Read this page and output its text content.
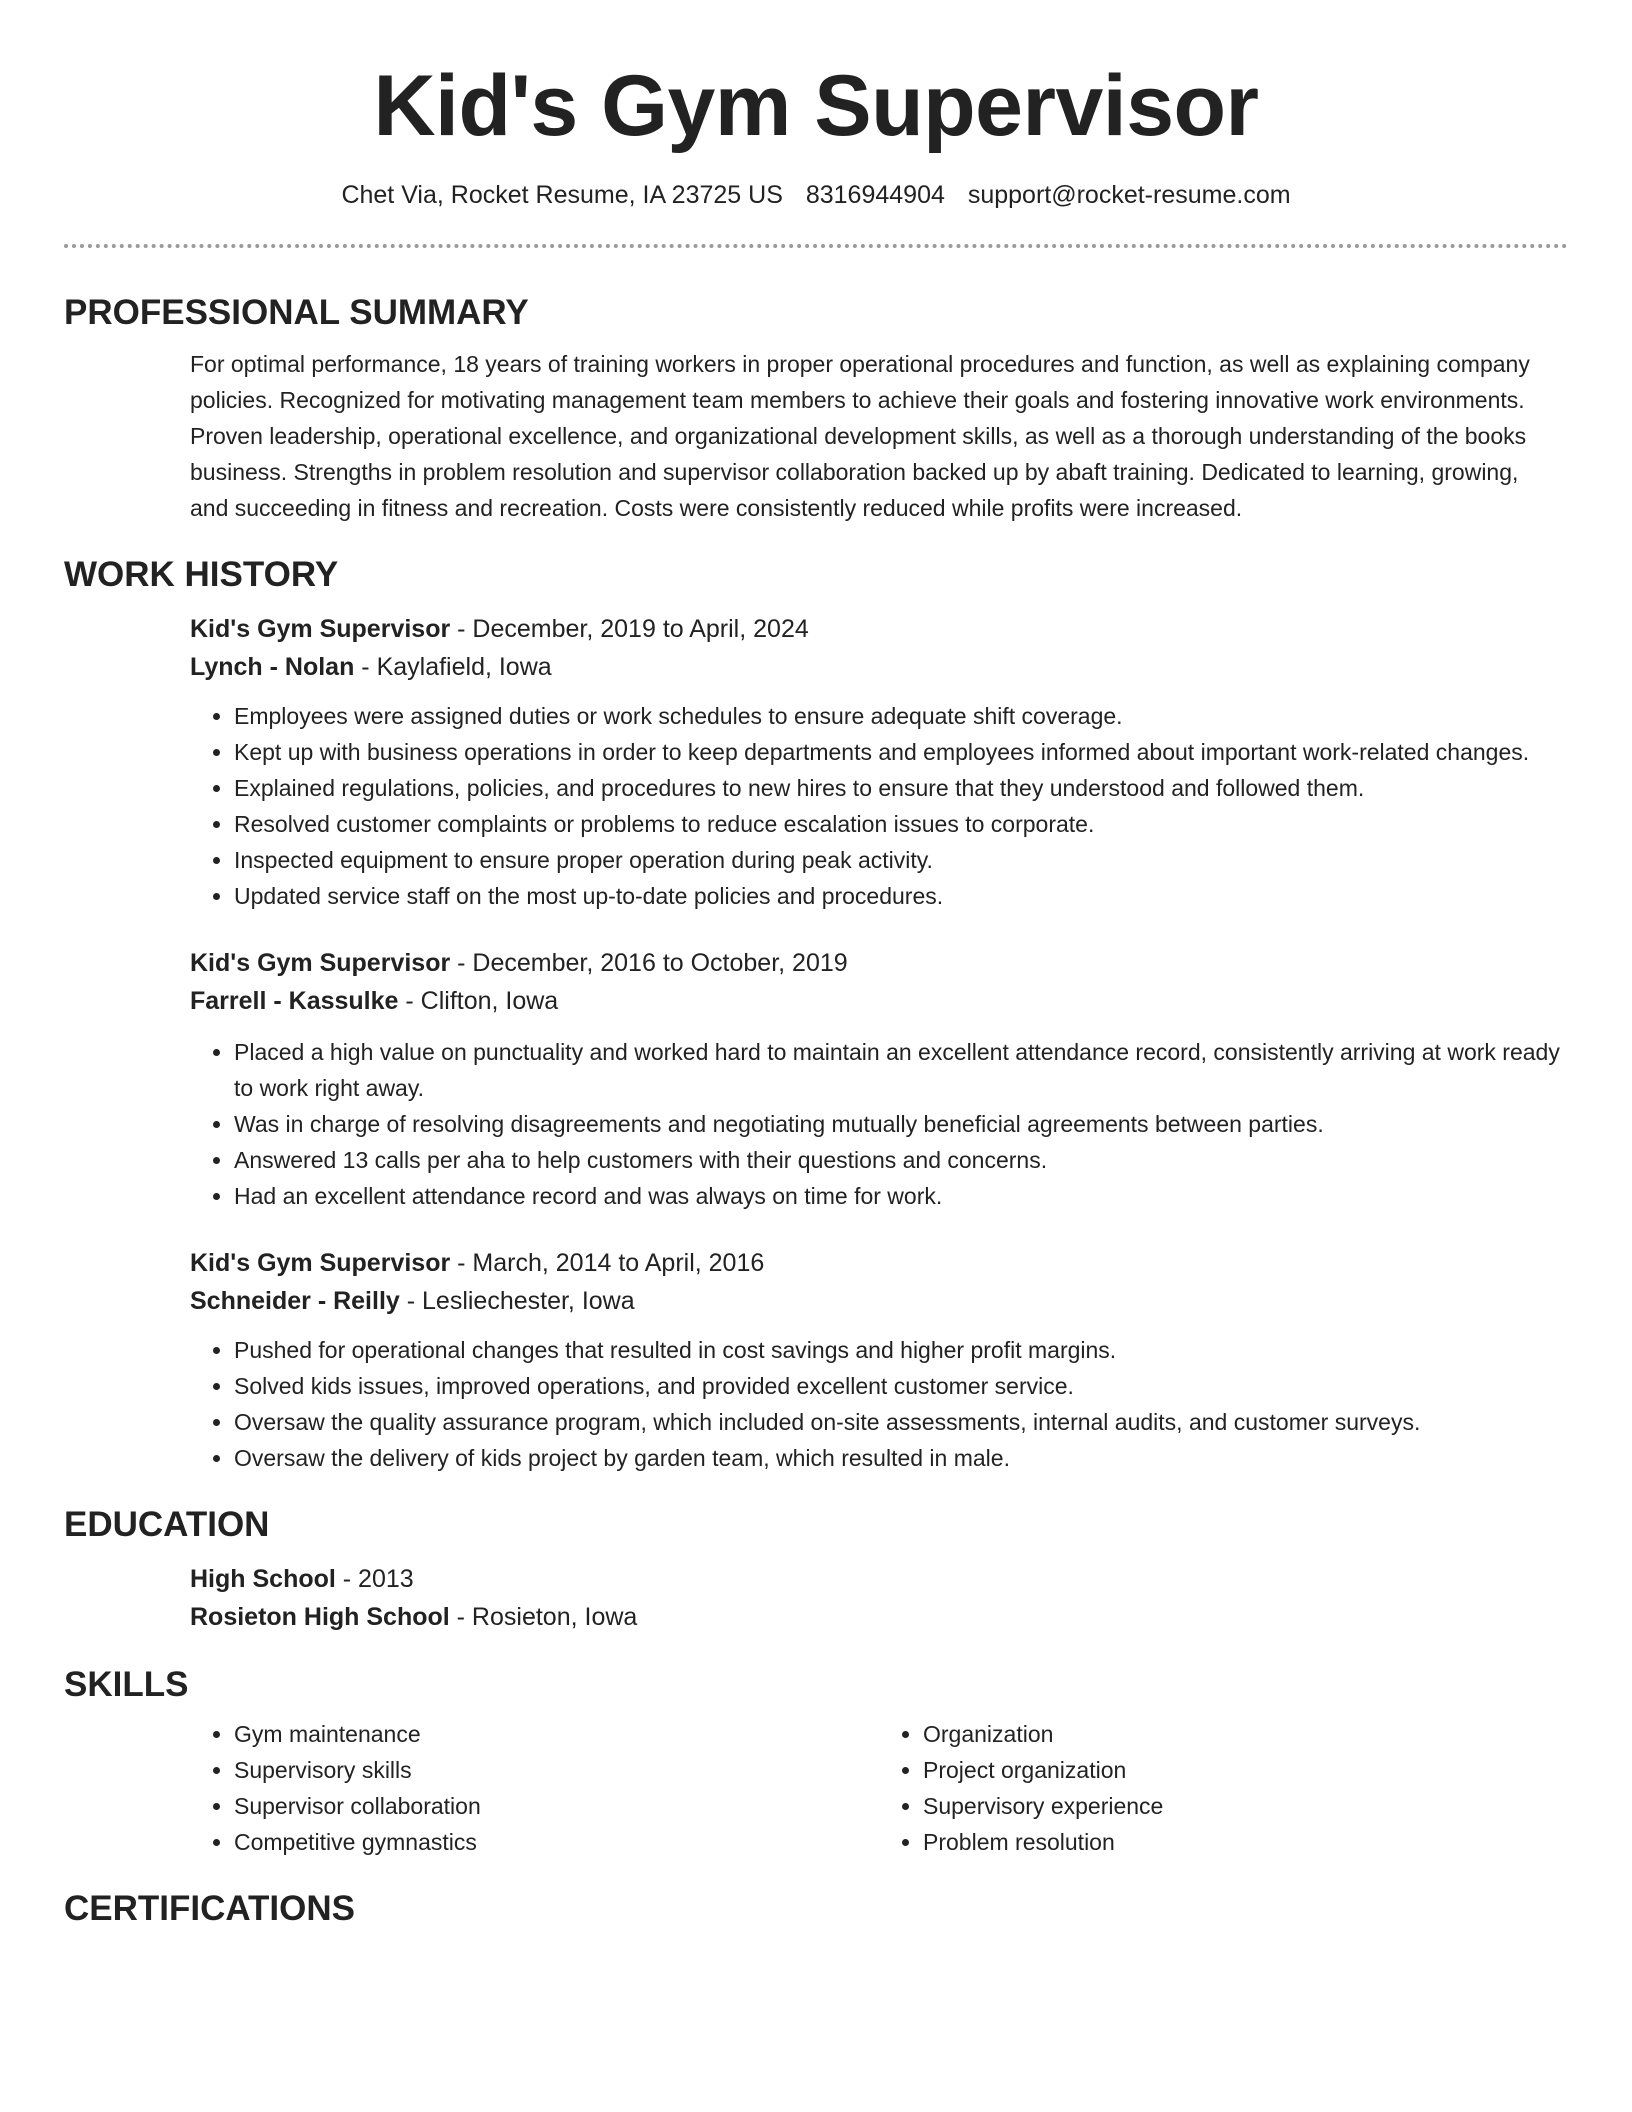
Kid's Gym Supervisor
Chet Via, Rocket Resume, IA 23725 US 8316944904 support@rocket-resume.com
PROFESSIONAL SUMMARY

For optimal performance, 18 years of training workers in proper operational procedures and function, as well as explaining company policies. Recognized for motivating management team members to achieve their goals and fostering innovative work environments. Proven leadership, operational excellence, and organizational development skills, as well as a thorough understanding of the books business. Strengths in problem resolution and supervisor collaboration backed up by abaft training. Dedicated to learning, growing, and succeeding in fitness and recreation. Costs were consistently reduced while profits were increased.

WORK HISTORY

Kid's Gym Supervisor - December, 2019 to April, 2024

Lynch - Nolan - Kaylafield, Iowa

• Employees were assigned duties or work schedules to ensure adequate shift coverage.
• Kept up with business operations in order to keep departments and employees informed about important work-related changes.
• Explained regulations, policies, and procedures to new hires to ensure that they understood and followed them.
• Resolved customer complaints or problems to reduce escalation issues to corporate.
• Inspected equipment to ensure proper operation during peak activity.
• Updated service staff on the most up-to-date policies and procedures.

Kid's Gym Supervisor - December, 2016 to October, 2019

Farrell - Kassulke - Clifton, Iowa

• Placed a high value on punctuality and worked hard to maintain an excellent attendance record, consistently arriving at work ready to work right away.
• Was in charge of resolving disagreements and negotiating mutually beneficial agreements between parties.
• Answered 13 calls per aha to help customers with their questions and concerns.
• Had an excellent attendance record and was always on time for work.

Kid's Gym Supervisor - March, 2014 to April, 2016

Schneider - Reilly - Lesliechester, Iowa

• Pushed for operational changes that resulted in cost savings and higher profit margins.
• Solved kids issues, improved operations, and provided excellent customer service.
• Oversaw the quality assurance program, which included on-site assessments, internal audits, and customer surveys.
• Oversaw the delivery of kids project by garden team, which resulted in male.
EDUCATION

High School - 2013

Rosieton High School - Rosieton, Iowa

SKILLS
• Gym maintenance
• Supervisory skills
• Supervisor collaboration
• Competitive gymnastics
• Organization
• Project organization
• Supervisory experience
• Problem resolution
CERTIFICATIONS
